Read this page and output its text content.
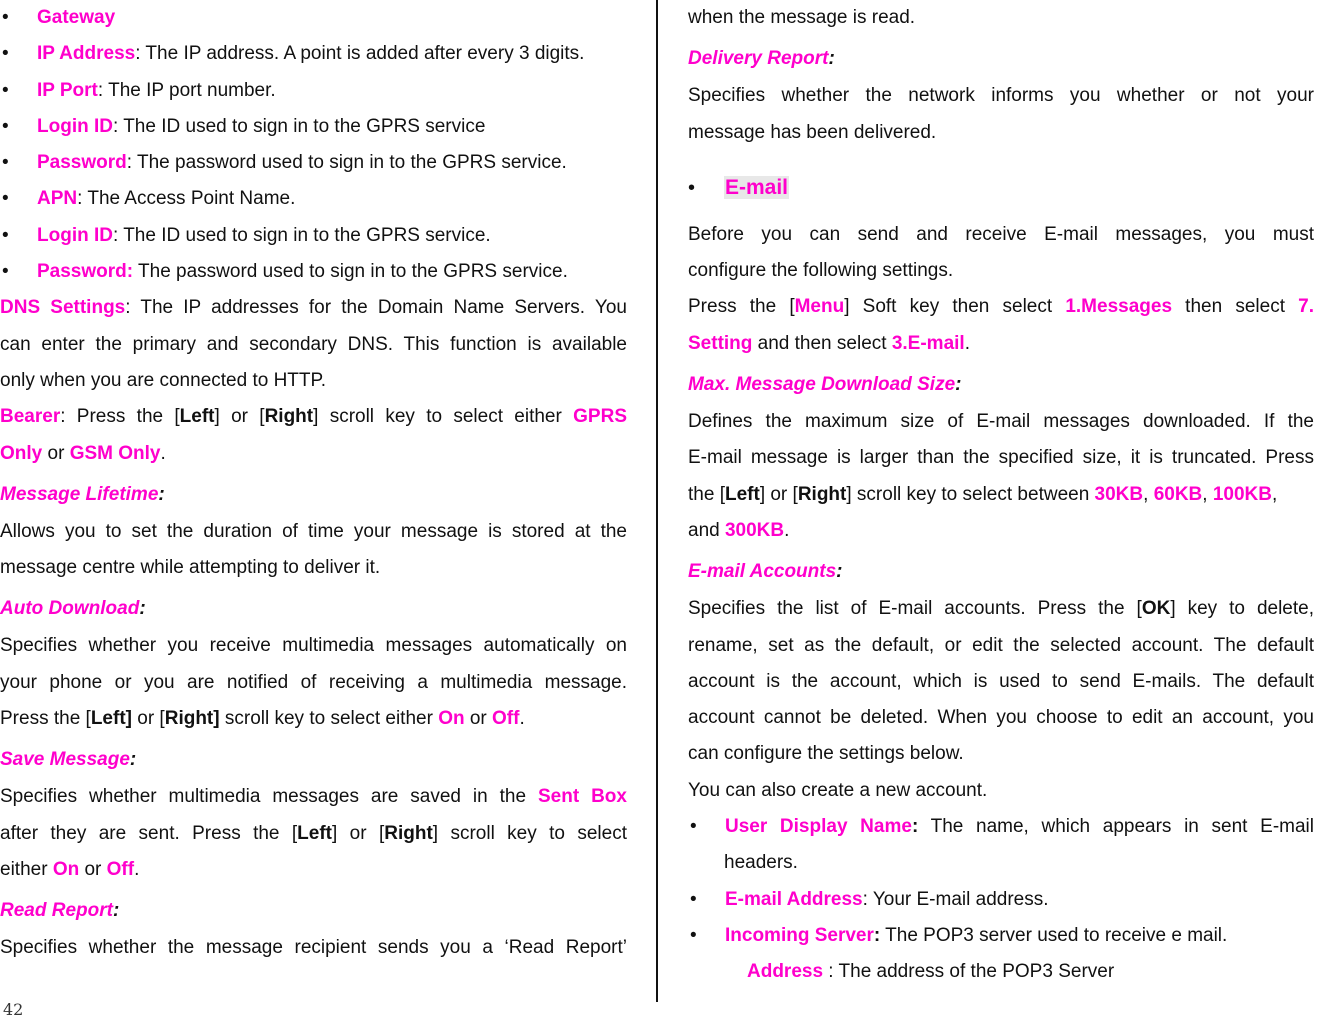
• Gateway
• IP Address: The IP address. A point is added after every 3 digits.
• IP Port: The IP port number.
• Login ID: The ID used to sign in to the GPRS service
• Password: The password used to sign in to the GPRS service.
• APN: The Access Point Name.
• Login ID: The ID used to sign in to the GPRS service.
• Password: The password used to sign in to the GPRS service.
DNS Settings: The IP addresses for the Domain Name Servers. You
can enter the primary and secondary DNS. This function is available
only when you are connected to HTTP.
Bearer: Press the [Left] or [Right] scroll key to select either GPRS
Only or GSM Only.
Message Lifetime:
Allows you to set the duration of time your message is stored at the
message centre while attempting to deliver it.
Auto Download:
Specifies whether you receive multimedia messages automatically on
your phone or you are notified of receiving a multimedia message.
Press the [Left] or [Right] scroll key to select either On or Off.
Save Message:
Specifies whether multimedia messages are saved in the Sent Box
after they are sent. Press the [Left] or [Right] scroll key to select
either On or Off.
Read Report:
Specifies whether the message recipient sends you a ‘Read Report’
when the message is read.
Delivery Report:
Specifies whether the network informs you whether or not your
message has been delivered.
• E-mail
Before you can send and receive E-mail messages, you must
configure the following settings.
Press the [Menu] Soft key then select 1.Messages then select 7.
Setting and then select 3.E-mail.
Max. Message Download Size:
Defines the maximum size of E-mail messages downloaded. If the
E-mail message is larger than the specified size, it is truncated. Press
the [Left] or [Right] scroll key to select between 30KB, 60KB, 100KB,
and 300KB.
E-mail Accounts:
Specifies the list of E-mail accounts. Press the [OK] key to delete,
rename, set as the default, or edit the selected account. The default
account is the account, which is used to send E-mails. The default
account cannot be deleted. When you choose to edit an account, you
can configure the settings below.
You can also create a new account.
• User Display Name: The name, which appears in sent E-mail
headers.
• E-mail Address: Your E-mail address.
• Incoming Server: The POP3 server used to receive e mail.
Address : The address of the POP3 Server
42
